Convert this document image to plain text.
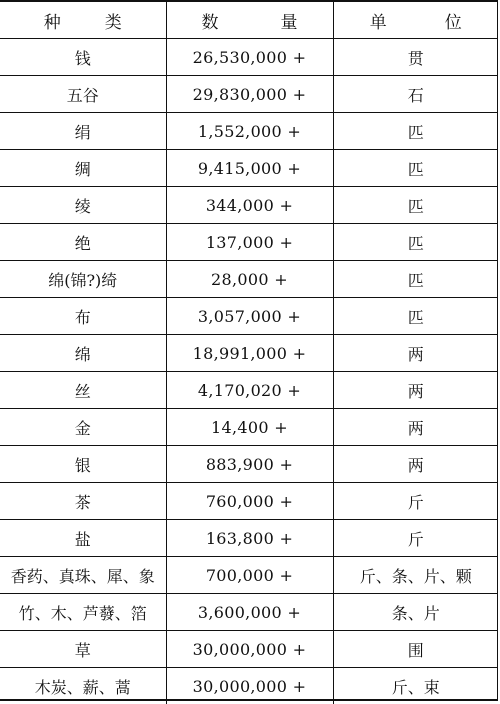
种 类	数 量	单 位

钱	26,530,000 +	贯
五谷	29,830,000 +	石
绢	1,552,000 +	匹
绸	9,415,000 +	匹
绫	344,000 +	匹
绝	137,000 +	匹
绵(锦?)绮	28,000 +	匹
布	3,057,000 +	匹
绵	18,991,000 +	两
丝	4,170,020 +	两
金	14,400 +	两
银	883,900 +	两
茶	760,000 +	斤
盐	163,800 +	斤
香药、真珠、犀、象	700,000 +	斤、条、片、颗
竹、木、芦蕟、箔	3,600,000 +	条、片
草	30,000,000 +	围
木炭、薪、蒿	30,000,000 +	斤、束
